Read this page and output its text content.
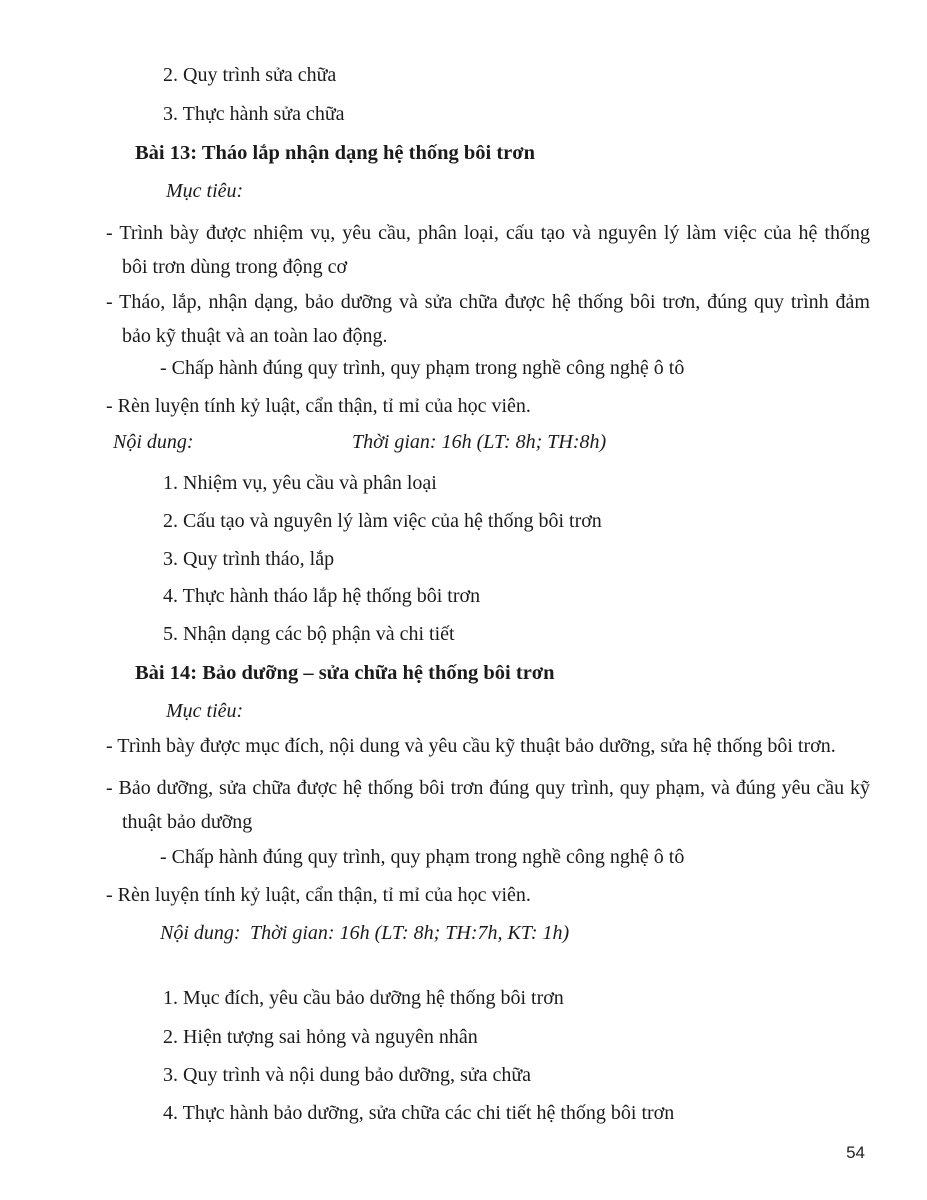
2. Quy trình sửa chữa
3. Thực hành sửa chữa
Bài 13: Tháo lắp nhận dạng hệ thống bôi trơn
Mục tiêu:
- Trình bày được nhiệm vụ, yêu cầu, phân loại, cấu tạo và nguyên lý làm việc của hệ thống
bôi trơn dùng trong động cơ
- Tháo, lắp, nhận dạng, bảo dưỡng và sửa chữa được hệ thống bôi trơn, đúng quy trình đảm
bảo kỹ thuật và an toàn lao động.
- Chấp hành đúng quy trình, quy phạm trong nghề công nghệ ô tô
- Rèn luyện tính kỷ luật, cẩn thận, tỉ mỉ của học viên.
Nội dung:	Thời gian: 16h (LT: 8h; TH:8h)
1. Nhiệm vụ, yêu cầu và phân loại
2. Cấu tạo và nguyên lý làm việc của hệ thống bôi trơn
3. Quy trình tháo, lắp
4. Thực hành tháo lắp hệ thống bôi trơn
5. Nhận dạng các bộ phận và chi tiết
Bài 14: Bảo dưỡng – sửa chữa hệ thống bôi trơn
Mục tiêu:
- Trình bày được mục đích, nội dung và yêu cầu kỹ thuật bảo dưỡng, sửa hệ thống bôi trơn.
- Bảo dưỡng, sửa chữa được hệ thống bôi trơn đúng quy trình, quy phạm, và đúng yêu cầu kỹ
thuật bảo dưỡng
- Chấp hành đúng quy trình, quy phạm trong nghề công nghệ ô tô
- Rèn luyện tính kỷ luật, cẩn thận, tỉ mỉ của học viên.
Nội dung: Thời gian: 16h (LT: 8h; TH:7h, KT: 1h)
1. Mục đích, yêu cầu bảo dưỡng hệ thống bôi trơn
2. Hiện tượng sai hỏng và nguyên nhân
3. Quy trình và nội dung bảo dưỡng, sửa chữa
4. Thực hành bảo dưỡng, sửa chữa các chi tiết hệ thống bôi trơn
54
